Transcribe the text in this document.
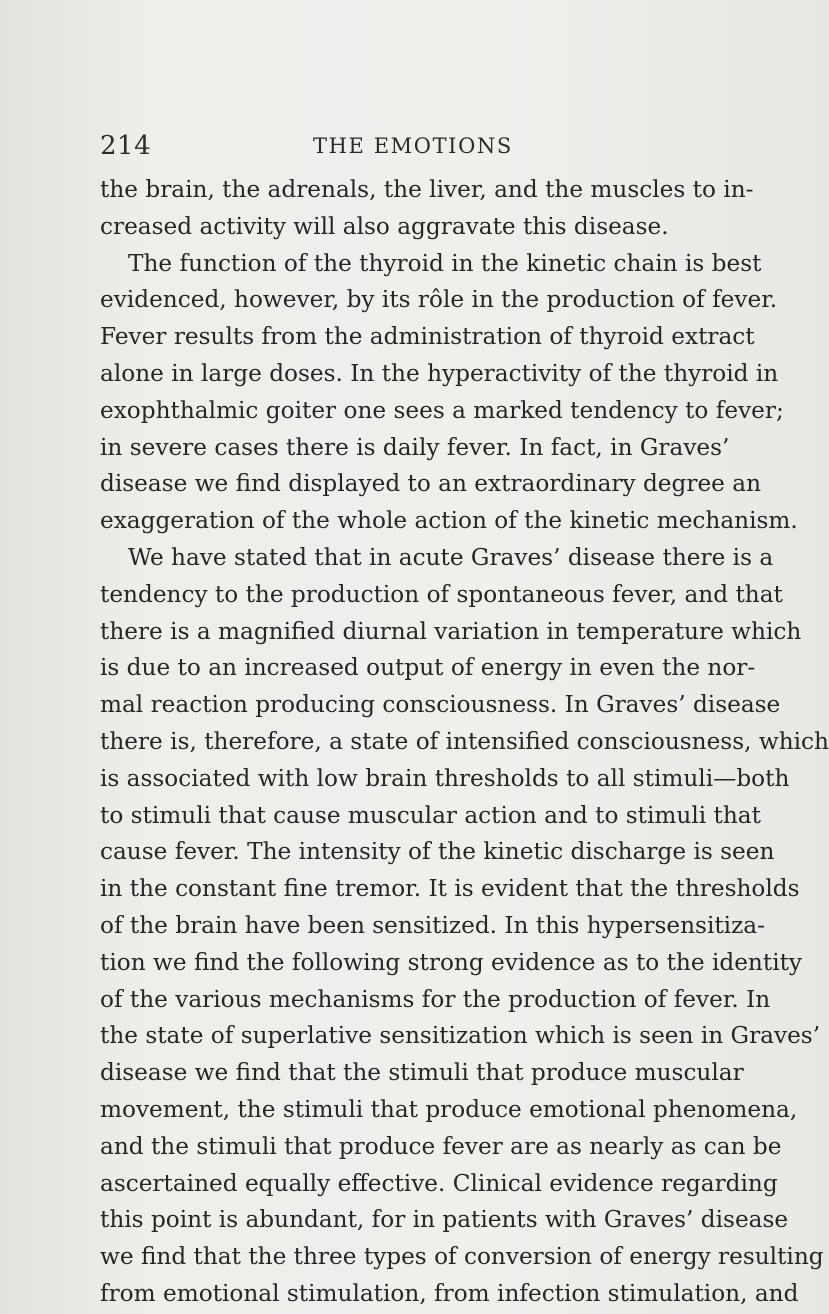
214	THE EMOTIONS
the brain, the adrenals, the liver, and the muscles to in-
creased activity will also aggravate this disease.
The function of the thyroid in the kinetic chain is best
evidenced, however, by its rôle in the production of fever.
Fever results from the administration of thyroid extract
alone in large doses. In the hyperactivity of the thyroid in
exophthalmic goiter one sees a marked tendency to fever;
in severe cases there is daily fever. In fact, in Graves’
disease we find displayed to an extraordinary degree an
exaggeration of the whole action of the kinetic mechanism.
We have stated that in acute Graves’ disease there is a
tendency to the production of spontaneous fever, and that
there is a magnified diurnal variation in temperature which
is due to an increased output of energy in even the nor-
mal reaction producing consciousness. In Graves’ disease
there is, therefore, a state of intensified consciousness, which
is associated with low brain thresholds to all stimuli—both
to stimuli that cause muscular action and to stimuli that
cause fever. The intensity of the kinetic discharge is seen
in the constant fine tremor. It is evident that the thresholds
of the brain have been sensitized. In this hypersensitiza-
tion we find the following strong evidence as to the identity
of the various mechanisms for the production of fever. In
the state of superlative sensitization which is seen in Graves’
disease we find that the stimuli that produce muscular
movement, the stimuli that produce emotional phenomena,
and the stimuli that produce fever are as nearly as can be
ascertained equally effective. Clinical evidence regarding
this point is abundant, for in patients with Graves’ disease
we find that the three types of conversion of energy resulting
from emotional stimulation, from infection stimulation, and
